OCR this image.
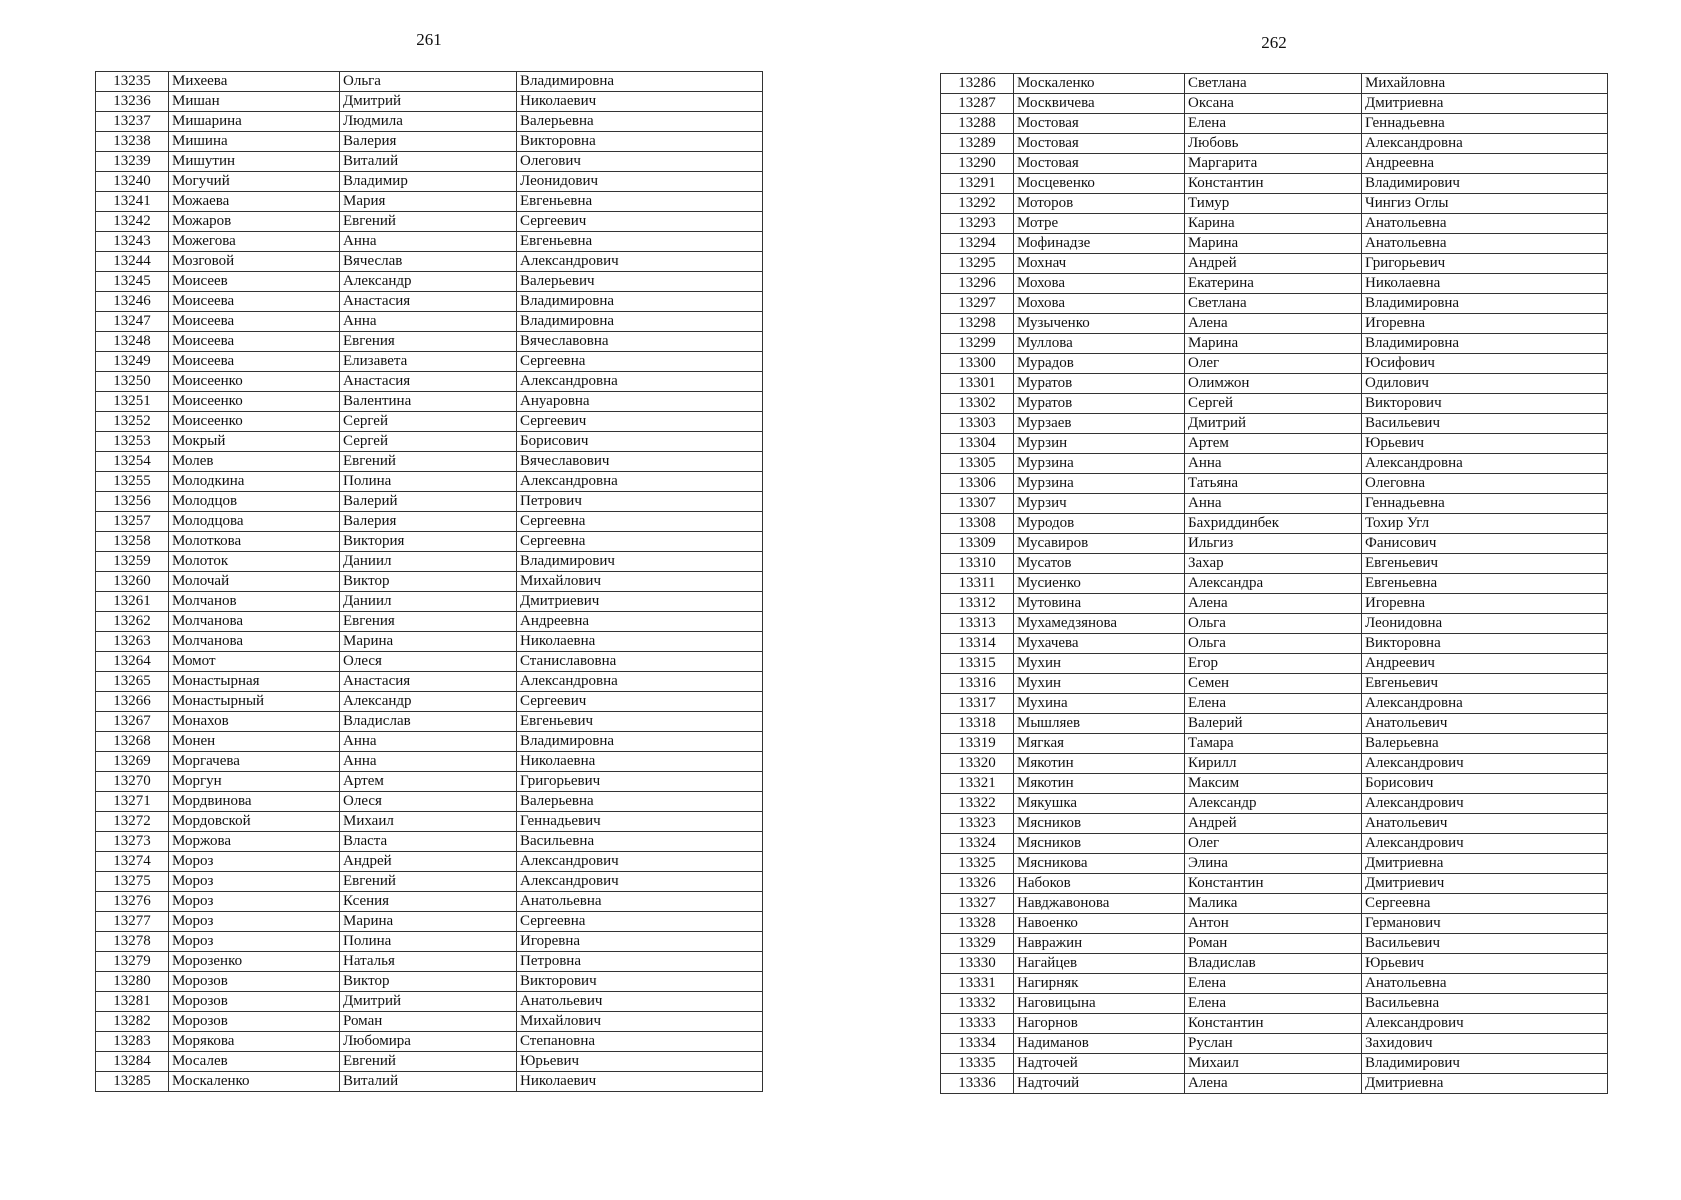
261
13235	Михеева	Ольга	Владимировна
13236	Мишан	Дмитрий	Николаевич
13237	Мишарина	Людмила	Валерьевна
13238	Мишина	Валерия	Викторовна
13239	Мишутин	Виталий	Олегович
13240	Могучий	Владимир	Леонидович
13241	Можаева	Мария	Евгеньевна
13242	Можаров	Евгений	Сергеевич
13243	Можегова	Анна	Евгеньевна
13244	Мозговой	Вячеслав	Александрович
13245	Моисеев	Александр	Валерьевич
13246	Моисеева	Анастасия	Владимировна
13247	Моисеева	Анна	Владимировна
13248	Моисеева	Евгения	Вячеславовна
13249	Моисеева	Елизавета	Сергеевна
13250	Моисеенко	Анастасия	Александровна
13251	Моисеенко	Валентина	Ануаровна
13252	Моисеенко	Сергей	Сергеевич
13253	Мокрый	Сергей	Борисович
13254	Молев	Евгений	Вячеславович
13255	Молодкина	Полина	Александровна
13256	Молодцов	Валерий	Петрович
13257	Молодцова	Валерия	Сергеевна
13258	Молоткова	Виктория	Сергеевна
13259	Молоток	Даниил	Владимирович
13260	Молочай	Виктор	Михайлович
13261	Молчанов	Даниил	Дмитриевич
13262	Молчанова	Евгения	Андреевна
13263	Молчанова	Марина	Николаевна
13264	Момот	Олеся	Станиславовна
13265	Монастырная	Анастасия	Александровна
13266	Монастырный	Александр	Сергеевич
13267	Монахов	Владислав	Евгеньевич
13268	Монен	Анна	Владимировна
13269	Моргачева	Анна	Николаевна
13270	Моргун	Артем	Григорьевич
13271	Мордвинова	Олеся	Валерьевна
13272	Мордовской	Михаил	Геннадьевич
13273	Моржова	Власта	Васильевна
13274	Мороз	Андрей	Александрович
13275	Мороз	Евгений	Александрович
13276	Мороз	Ксения	Анатольевна
13277	Мороз	Марина	Сергеевна
13278	Мороз	Полина	Игоревна
13279	Морозенко	Наталья	Петровна
13280	Морозов	Виктор	Викторович
13281	Морозов	Дмитрий	Анатольевич
13282	Морозов	Роман	Михайлович
13283	Морякова	Любомира	Степановна
13284	Мосалев	Евгений	Юрьевич
13285	Москаленко	Виталий	Николаевич
262
13286	Москаленко	Светлана	Михайловна
13287	Москвичева	Оксана	Дмитриевна
13288	Мостовая	Елена	Геннадьевна
13289	Мостовая	Любовь	Александровна
13290	Мостовая	Маргарита	Андреевна
13291	Мосцевенко	Константин	Владимирович
13292	Моторов	Тимур	Чингиз Оглы
13293	Мотре	Карина	Анатольевна
13294	Мофинадзе	Марина	Анатольевна
13295	Мохнач	Андрей	Григорьевич
13296	Мохова	Екатерина	Николаевна
13297	Мохова	Светлана	Владимировна
13298	Музыченко	Алена	Игоревна
13299	Муллова	Марина	Владимировна
13300	Мурадов	Олег	Юсифович
13301	Муратов	Олимжон	Одилович
13302	Муратов	Сергей	Викторович
13303	Мурзаев	Дмитрий	Васильевич
13304	Мурзин	Артем	Юрьевич
13305	Мурзина	Анна	Александровна
13306	Мурзина	Татьяна	Олеговна
13307	Мурзич	Анна	Геннадьевна
13308	Муродов	Бахриддинбек	Тохир Угл
13309	Мусавиров	Ильгиз	Фанисович
13310	Мусатов	Захар	Евгеньевич
13311	Мусиенко	Александра	Евгеньевна
13312	Мутовина	Алена	Игоревна
13313	Мухамедзянова	Ольга	Леонидовна
13314	Мухачева	Ольга	Викторовна
13315	Мухин	Егор	Андреевич
13316	Мухин	Семен	Евгеньевич
13317	Мухина	Елена	Александровна
13318	Мышляев	Валерий	Анатольевич
13319	Мягкая	Тамара	Валерьевна
13320	Мякотин	Кирилл	Александрович
13321	Мякотин	Максим	Борисович
13322	Мякушка	Александр	Александрович
13323	Мясников	Андрей	Анатольевич
13324	Мясников	Олег	Александрович
13325	Мясникова	Элина	Дмитриевна
13326	Набоков	Константин	Дмитриевич
13327	Навджавонова	Малика	Сергеевна
13328	Навоенко	Антон	Германович
13329	Навражин	Роман	Васильевич
13330	Нагайцев	Владислав	Юрьевич
13331	Нагирняк	Елена	Анатольевна
13332	Наговицына	Елена	Васильевна
13333	Нагорнов	Константин	Александрович
13334	Надиманов	Руслан	Захидович
13335	Надточей	Михаил	Владимирович
13336	Надточий	Алена	Дмитриевна
